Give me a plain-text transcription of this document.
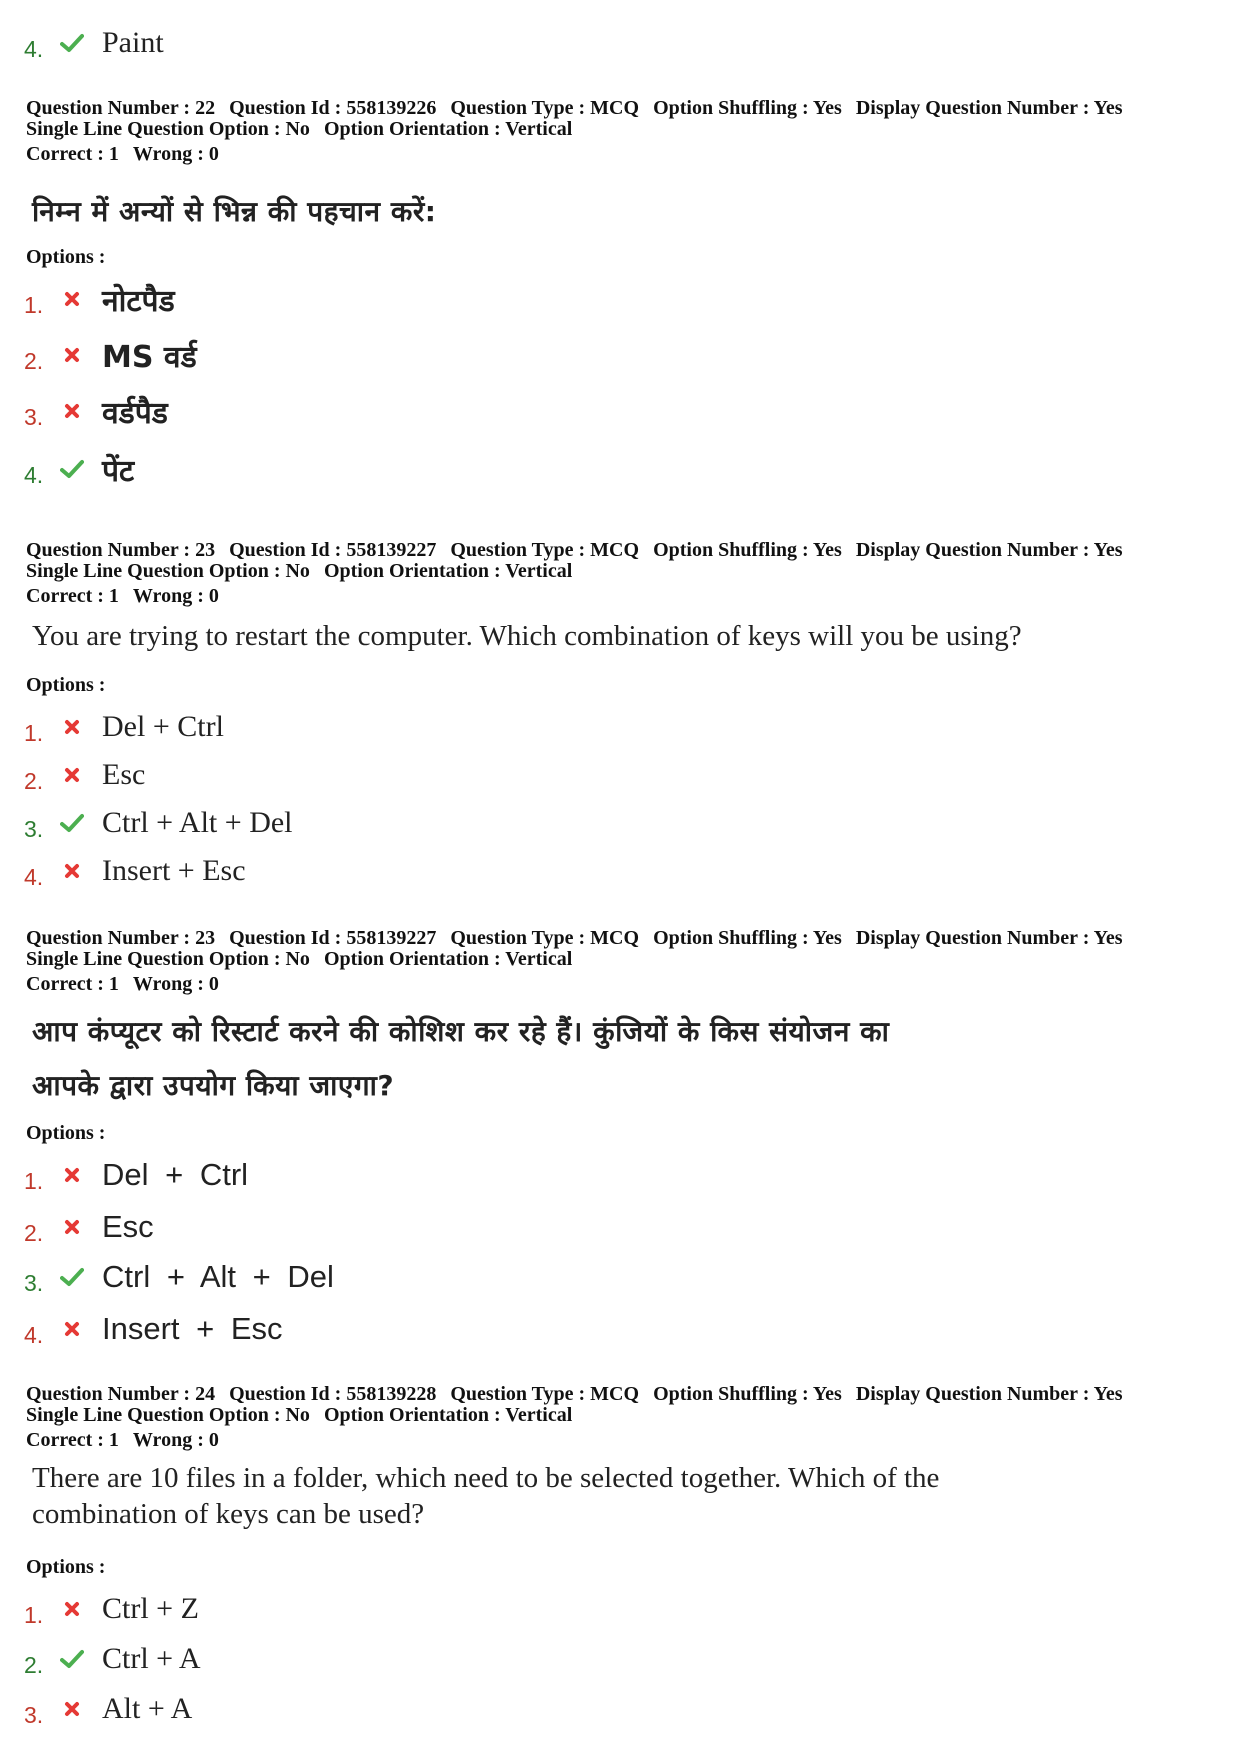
4.	Paint
Question Number : 22 Question Id : 558139226 Question Type : MCQ Option Shuffling : Yes Display Question Number : Yes
Single Line Question Option : No Option Orientation : Vertical
Correct : 1 Wrong : 0
निम्न में अन्यों से भिन्न की पहचान करें:
Options :
1.	नोटपैड
2.	MS वर्ड
3.	वर्डपैड
4.	पेंट
Question Number : 23 Question Id : 558139227 Question Type : MCQ Option Shuffling : Yes Display Question Number : Yes
Single Line Question Option : No Option Orientation : Vertical
Correct : 1 Wrong : 0
You are trying to restart the computer. Which combination of keys will you be using?
Options :
1.	Del + Ctrl
2.	Esc
3.	Ctrl + Alt + Del
4.	Insert + Esc
Question Number : 23 Question Id : 558139227 Question Type : MCQ Option Shuffling : Yes Display Question Number : Yes
Single Line Question Option : No Option Orientation : Vertical
Correct : 1 Wrong : 0
आप कंप्यूटर को रिस्टार्ट करने की कोशिश कर रहे हैं। कुंजियों के किस संयोजन का
आपके द्वारा उपयोग किया जाएगा?
Options :
1.	Del + Ctrl
2.	Esc
3.	Ctrl + Alt + Del
4.	Insert + Esc
Question Number : 24 Question Id : 558139228 Question Type : MCQ Option Shuffling : Yes Display Question Number : Yes
Single Line Question Option : No Option Orientation : Vertical
Correct : 1 Wrong : 0
There are 10 files in a folder, which need to be selected together. Which of the
combination of keys can be used?
Options :
1.	Ctrl + Z
2.	Ctrl + A
3.	Alt + A
